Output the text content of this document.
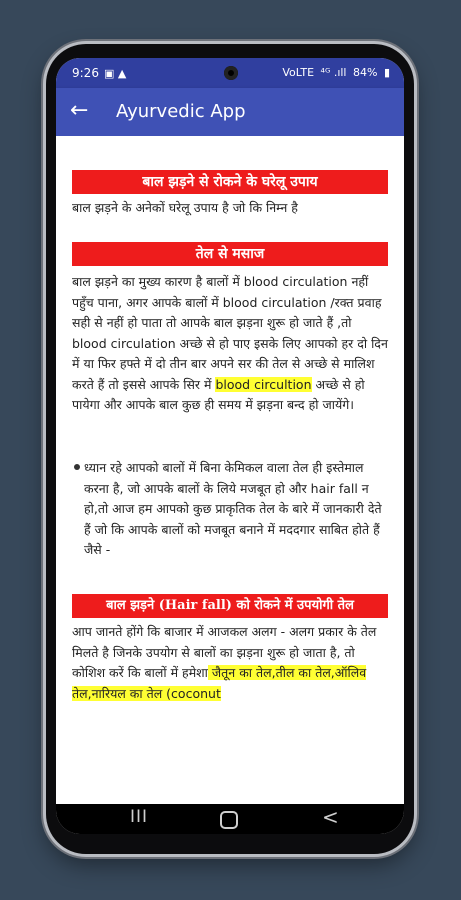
9:26 ▣ ▲	VoLTE ⁴ᴳ .ıll 84% ▮
← Ayurvedic App
बाल झड़ने से रोकने के घरेलू उपाय

बाल झड़ने के अनेकों घरेलू उपाय है जो कि निम्न है

तेल से मसाज

बाल झड़ने का मुख्य कारण है बालों में blood circulation नहीं पहुँच पाना, अगर आपके बालों में blood circulation /रक्त प्रवाह सही से नहीं हो पाता तो आपके बाल झड़ना शुरू हो जाते हैं ,तो blood circulation अच्छे से हो पाए इसके लिए आपको हर दो दिन में या फिर हफ्ते में दो तीन बार अपने सर की तेल से अच्छे से मालिश करते हैं तो इससे आपके सिर में blood circultion अच्छे से हो पायेगा और आपके बाल कुछ ही समय में झड़ना बन्द हो जायेंगे।

ध्यान रहे आपको बालों में बिना केमिकल वाला तेल ही इस्तेमाल करना है, जो आपके बालों के लिये मजबूत हो और hair fall न हो,तो आज हम आपको कुछ प्राकृतिक तेल के बारे में जानकारी देते हैं जो कि आपके बालों को मजबूत बनाने में मददगार साबित होते हैं जैसे -

बाल झड़ने (Hair fall) को रोकने में उपयोगी तेल

आप जानते होंगे कि बाजार में आजकल अलग - अलग प्रकार के तेल मिलते है जिनके उपयोग से बालों का झड़ना शुरू हो जाता है, तो कोशिश करें कि बालों में हमेशा जैतून का तेल,तील का तेल,ऑलिव तेल,नारियल का तेल (coconut

III	<
